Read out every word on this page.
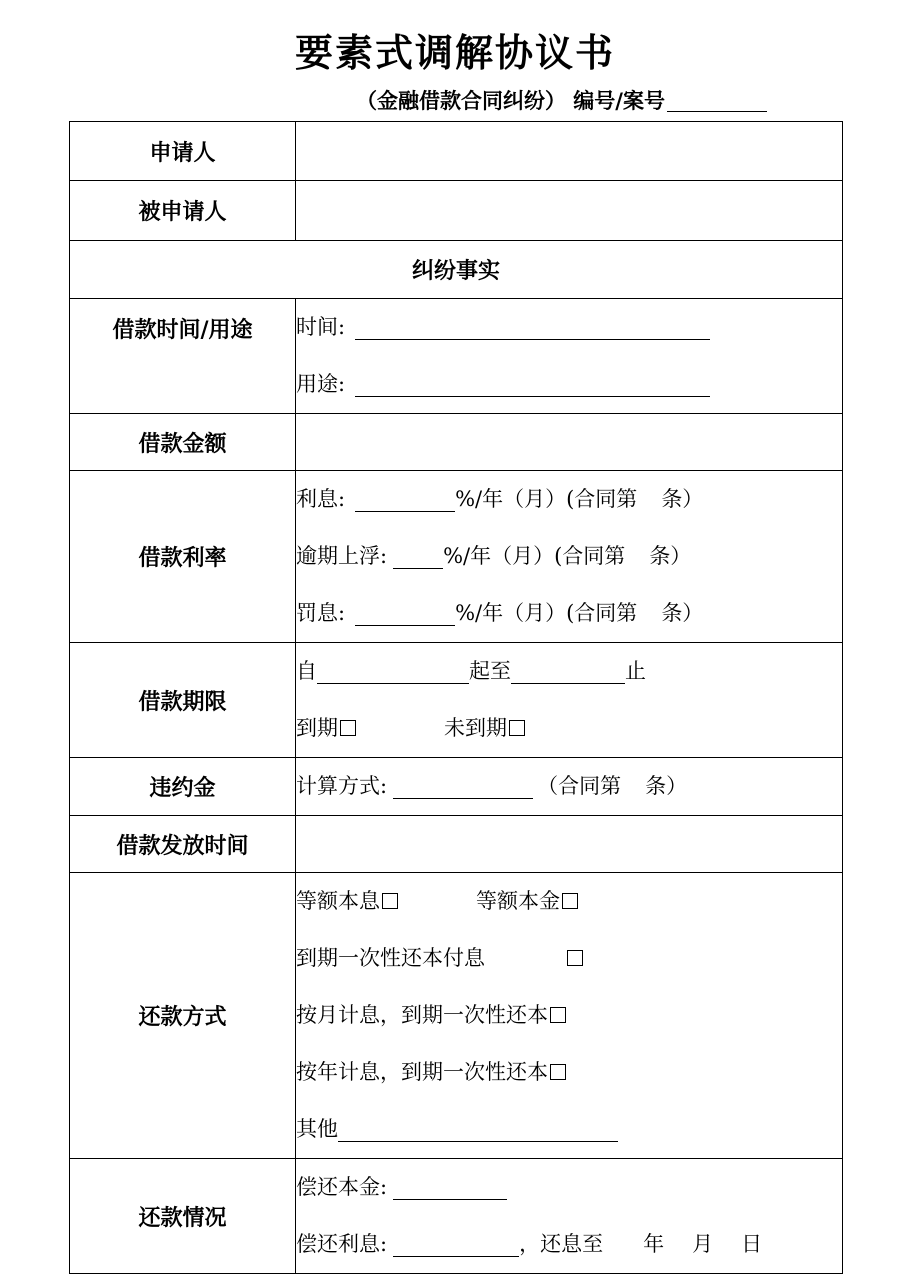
要素式调解协议书
（金融借款合同纠纷） 编号/案号
申请人	
被申请人	
纠纷事实	
借款时间/用途	时间:
用途:

借款金额	
借款利率	利息: %/年（月）(合同第 条）
逾期上浮: %/年（月）(合同第 条）
罚息: %/年（月）(合同第 条）

借款期限	自 起至 止
到期 未到期

违约金	计算方式: （合同第 条）

借款发放时间	
还款方式	等额本息 等额本金
到期一次性还本付息
按月计息，到期一次性还本
按年计息，到期一次性还本
其他

还款情况	偿还本金:
偿还利息: ，还息至 年 月 日
